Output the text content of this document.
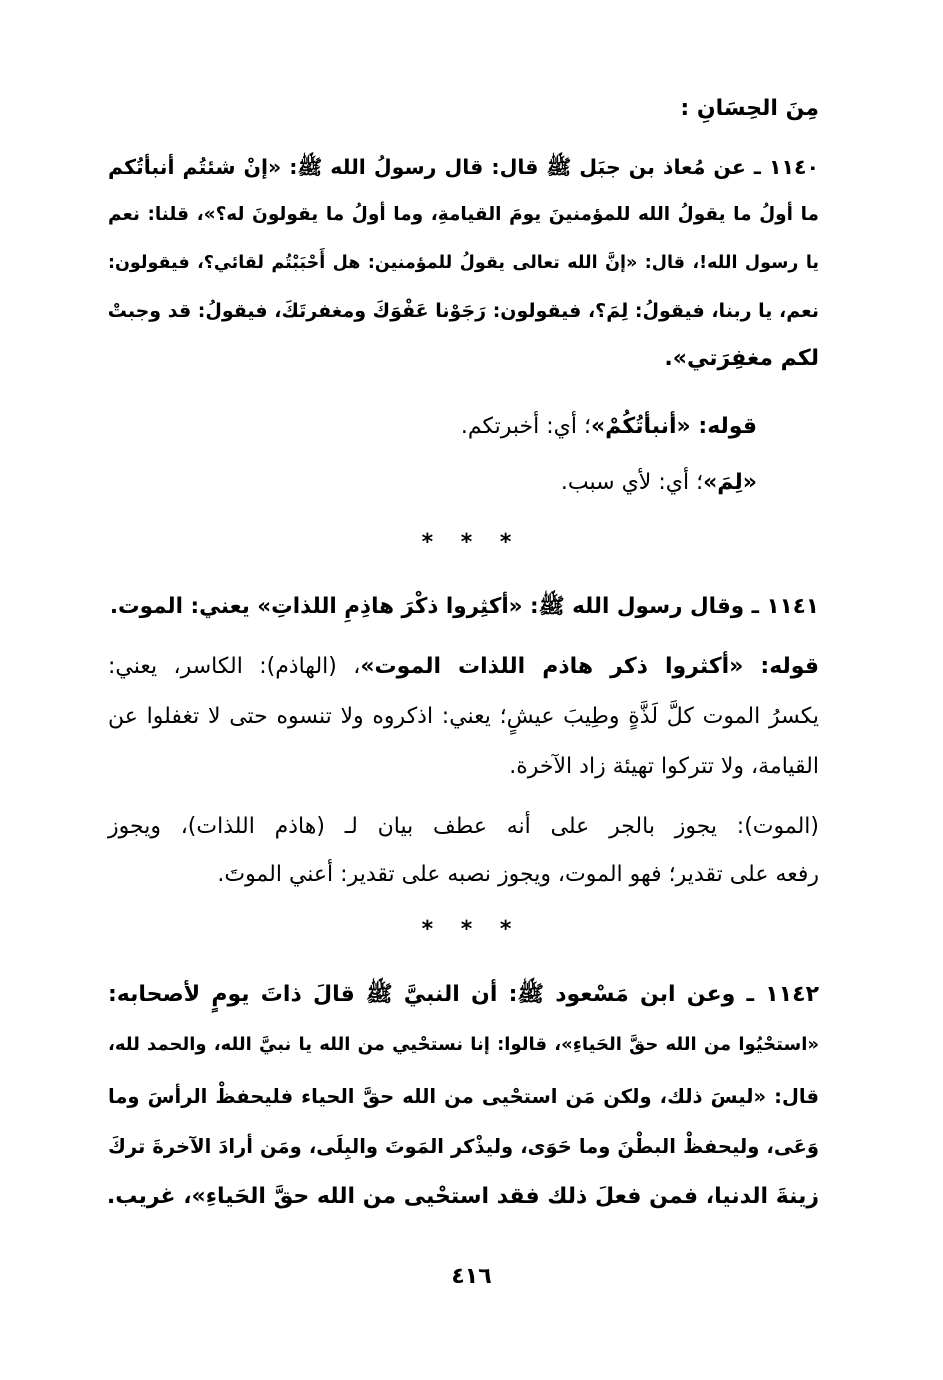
مِنَ الحِسَانِ :
١١٤٠ ـ عن مُعاذ بن جبَل ﷺ قال: قال رسولُ الله ﷺ: «إنْ شئتُم أنبأتُكم
ما أولُ ما يقولُ الله للمؤمنينَ يومَ القيامةِ، وما أولُ ما يقولونَ له؟»، قلنا: نعم
يا رسول الله!، قال: «إنَّ الله تعالى يقولُ للمؤمنين: هل أَحْبَبْتُم لقائي؟، فيقولون:
نعم، يا ربنا، فيقولُ: لِمَ؟، فيقولون: رَجَوْنا عَفْوَكَ ومغفرتَكَ، فيقولُ: قد وجبتْ
لكم مغفِرَتي».
قوله: «أنبأتُكُمْ»؛ أي: أخبرتكم.
«لِمَ»؛ أي: لأي سبب.
* * *
١١٤١ ـ وقال رسول الله ﷺ: «أكثِروا ذكْرَ هاذِمِ اللذاتِ» يعني: الموت.
قوله: «أكثروا ذكر هاذم اللذات الموت»، (الهاذم): الكاسر، يعني:
يكسرُ الموت كلَّ لَذَّةٍ وطِيبَ عيشٍ؛ يعني: اذكروه ولا تنسوه حتى لا تغفلوا عن
القيامة، ولا تتركوا تهيئة زاد الآخرة.
(الموت): يجوز بالجر على أنه عطف بيان لـ (هاذم اللذات)، ويجوز
رفعه على تقدير؛ فهو الموت، ويجوز نصبه على تقدير: أعني الموتَ.
* * *
١١٤٢ ـ وعن ابن مَسْعود ﷺ: أن النبيَّ ﷺ قالَ ذاتَ يومٍ لأصحابه:
«استحْيُوا من الله حقَّ الحَياءِ»، قالوا: إنا نستحْيي من الله يا نبيَّ الله، والحمد لله،
قال: «ليسَ ذلك، ولكن مَن استحْيى من الله حقَّ الحياء فليحفظْ الرأسَ وما
وَعَى، وليحفظْ البطْنَ وما حَوَى، وليذْكر المَوتَ والبِلَى، ومَن أرادَ الآخرةَ تركَ
زينةَ الدنيا، فمن فعلَ ذلك فقد استحْيى من الله حقَّ الحَياءِ»، غريب.
٤١٦
